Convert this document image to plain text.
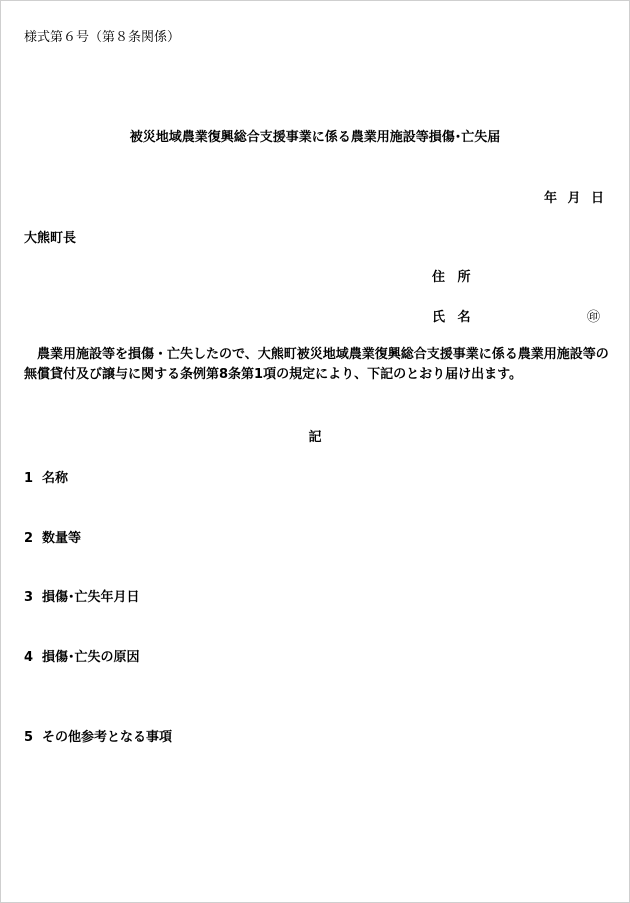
様式第６号（第８条関係）
被災地域農業復興総合支援事業に係る農業用施設等損傷･亡失届
年 月 日
大熊町長
住 所
氏 名	㊞
　農業用施設等を損傷・亡失したので、大熊町被災地域農業復興総合支援事業に係る農業用施設等の無償貸付及び譲与に関する条例第8条第1項の規定により、下記のとおり届け出ます。
記
1 名称
2 数量等
3 損傷･亡失年月日
4 損傷･亡失の原因
5 その他参考となる事項
